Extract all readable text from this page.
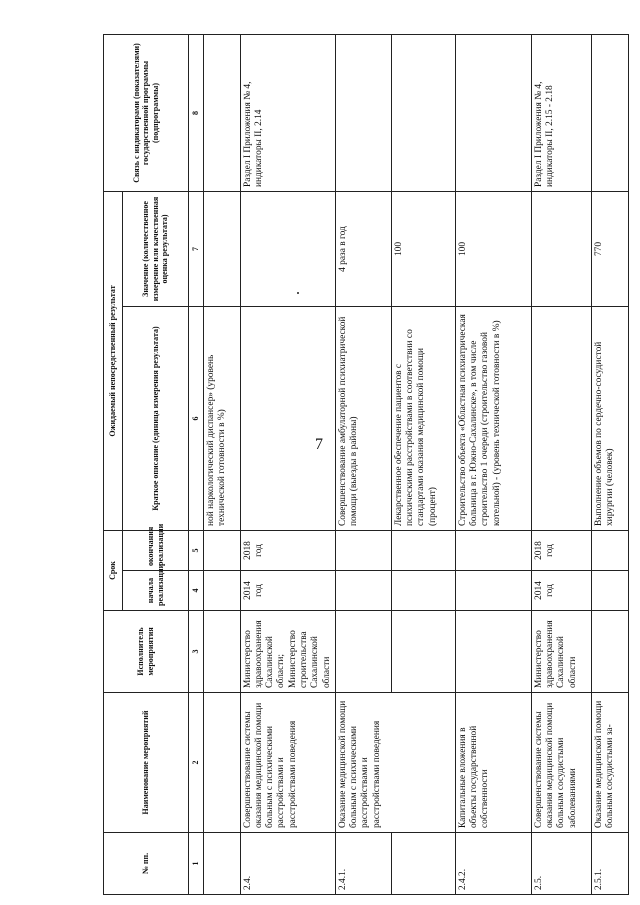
7
№ пп.	Наименование мероприятий	Исполнитель мероприятия	Срок		Ожидаемый непосредственный результат		Связь с индикаторами (показателями) государственной программы (подпрограммы)
			начала реализации	окончания реализации	Краткое описание (единица измерения результата)	Значение (количественное измерение или качественная оценка результата)	
1	2	3	4	5	6	7	8
					ной наркологический диспансер» (уровень технической готовности в %)		
2.4.	Совершенствование системы оказания медицинской помощи больным с психическими расстройствами и расстройствами поведения	Министерство здравоохранения Сахалинской области; Министерство строительства Сахалинской области	2014 год	2018 год			Раздел I Приложения № 4, индикаторы II, 2.14
2.4.1.	Оказание медицинской помощи больным с психическими расстройствами и расстройствами поведения				Совершенствование амбулаторной психиатрической помощи (выезды в районы)	4 раза в год	
					Лекарственное обеспечение пациентов с психическими расстройствами в соответствии со стандартами оказания медицинской помощи (процент)	100	
2.4.2.	Капитальные вложения в объекты государственной собственности				Строительство объекта «Областная психиатрическая больница в г. Южно-Сахалинске», в том числе строительство 1 очереди (строительство газовой котельной) - (уровень технической готовности в %)	100	
2.5.	Совершенствование системы оказания медицинской помощи больным сосудистыми заболеваниями	Министерство здравоохранения Сахалинской области	2014 год	2018 год			Раздел I Приложения № 4, индикаторы II, 2.15 - 2.18
2.5.1.	Оказание медицинской помощи больным сосудистыми за-				Выполнение объемов по сердечно-сосудистой хирургии (человек)	770	
